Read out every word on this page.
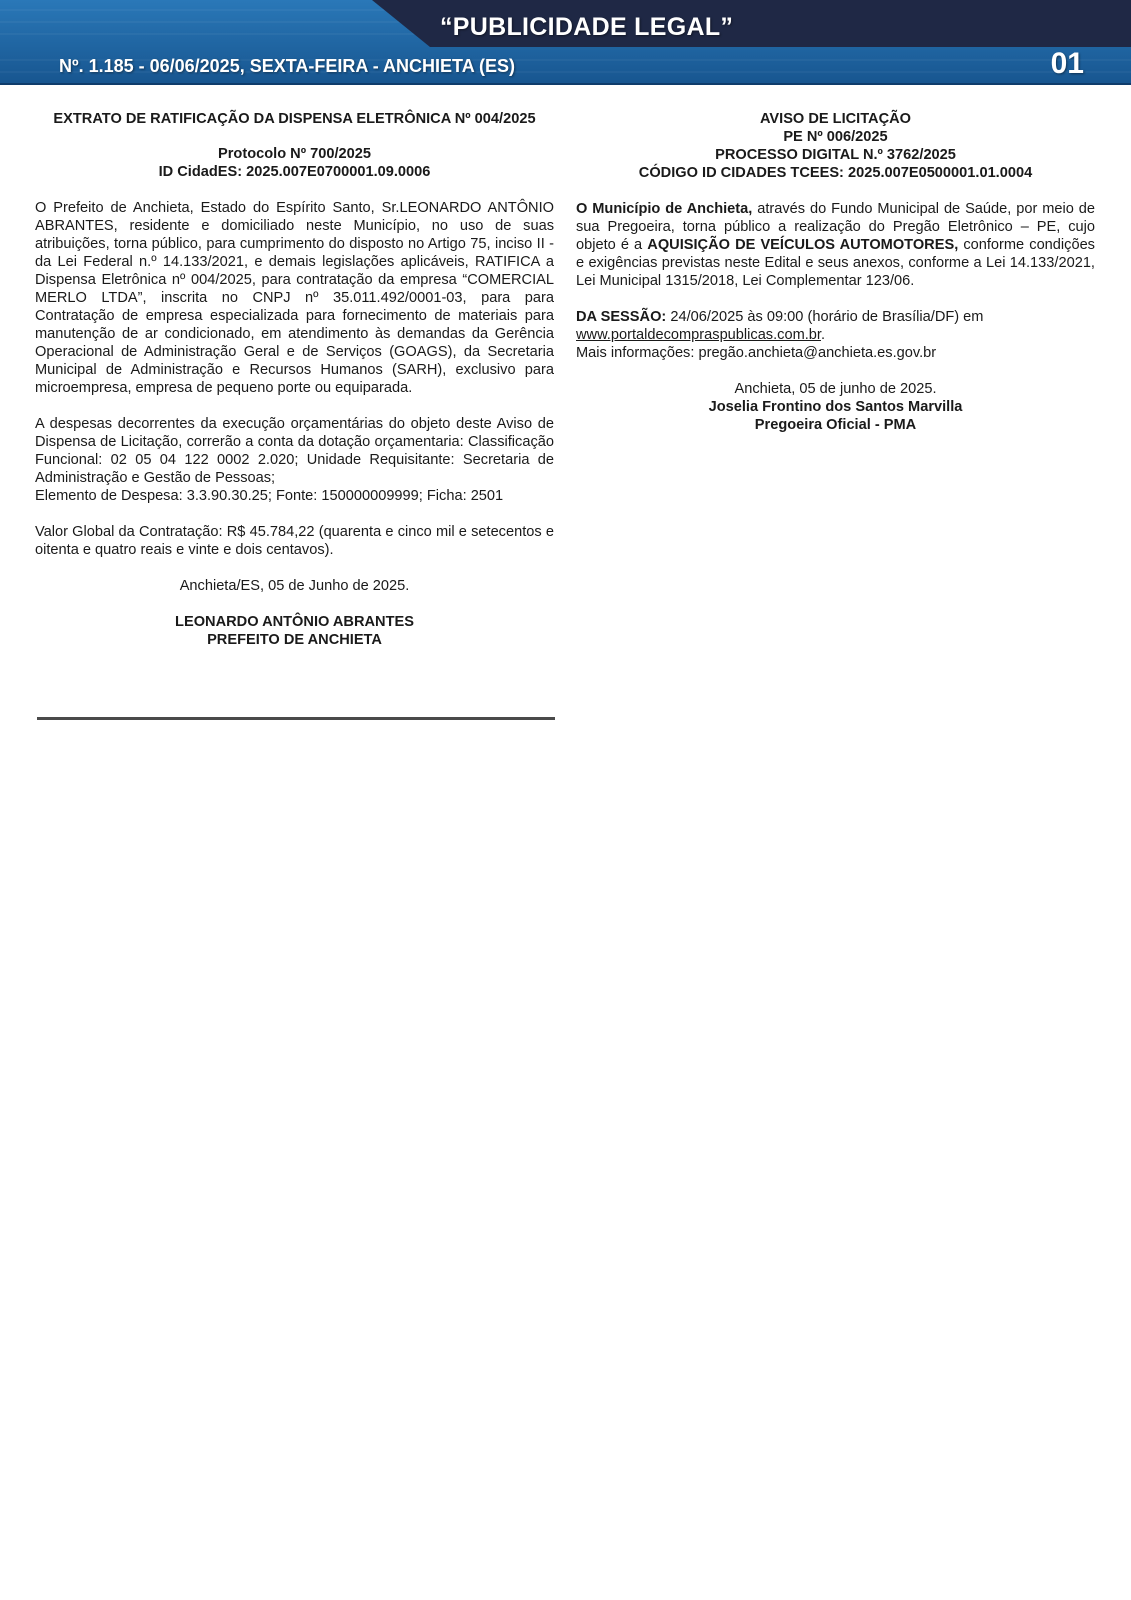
“PUBLICIDADE LEGAL”
Nº. 1.185 - 06/06/2025, SEXTA-FEIRA - ANCHIETA (ES)	01
EXTRATO DE RATIFICAÇÃO DA DISPENSA ELETRÔNICA Nº 004/2025
Protocolo Nº 700/2025
ID CidadES: 2025.007E0700001.09.0006
O Prefeito de Anchieta, Estado do Espírito Santo, Sr.LEONARDO ANTÔNIO ABRANTES, residente e domiciliado neste Município, no uso de suas atribuições, torna público, para cumprimento do disposto no Artigo 75, inciso II - da Lei Federal n.º 14.133/2021, e demais legislações aplicáveis, RATIFICA a Dispensa Eletrônica nº 004/2025, para contratação da empresa “COMERCIAL MERLO LTDA”, inscrita no CNPJ nº 35.011.492/0001-03, para para Contratação de empresa especializada para fornecimento de materiais para manutenção de ar condicionado, em atendimento às demandas da Gerência Operacional de Administração Geral e de Serviços (GOAGS), da Secretaria Municipal de Administração e Recursos Humanos (SARH), exclusivo para microempresa, empresa de pequeno porte ou equiparada.
A despesas decorrentes da execução orçamentárias do objeto deste Aviso de Dispensa de Licitação, correrão a conta da dotação orçamentaria: Classificação Funcional: 02 05 04 122 0002 2.020; Unidade Requisitante: Secretaria de Administração e Gestão de Pessoas;
Elemento de Despesa: 3.3.90.30.25; Fonte: 150000009999; Ficha: 2501
Valor Global da Contratação: R$ 45.784,22 (quarenta e cinco mil e setecentos e oitenta e quatro reais e vinte e dois centavos).
Anchieta/ES, 05 de Junho de 2025.
LEONARDO ANTÔNIO ABRANTES
PREFEITO DE ANCHIETA
AVISO DE LICITAÇÃO
PE Nº 006/2025
PROCESSO DIGITAL N.º 3762/2025
CÓDIGO ID CIDADES TCEES: 2025.007E0500001.01.0004
O Município de Anchieta, através do Fundo Municipal de Saúde, por meio de sua Pregoeira, torna público a realização do Pregão Eletrônico – PE, cujo objeto é a AQUISIÇÃO DE VEÍCULOS AUTOMOTORES, conforme condições e exigências previstas neste Edital e seus anexos, conforme a Lei 14.133/2021, Lei Municipal 1315/2018, Lei Complementar 123/06.
DA SESSÃO: 24/06/2025 às 09:00 (horário de Brasília/DF) em
www.portaldecompraspublicas.com.br.
Mais informações: pregão.anchieta@anchieta.es.gov.br
Anchieta, 05 de junho de 2025.
Joselia Frontino dos Santos Marvilla
Pregoeira Oficial - PMA
